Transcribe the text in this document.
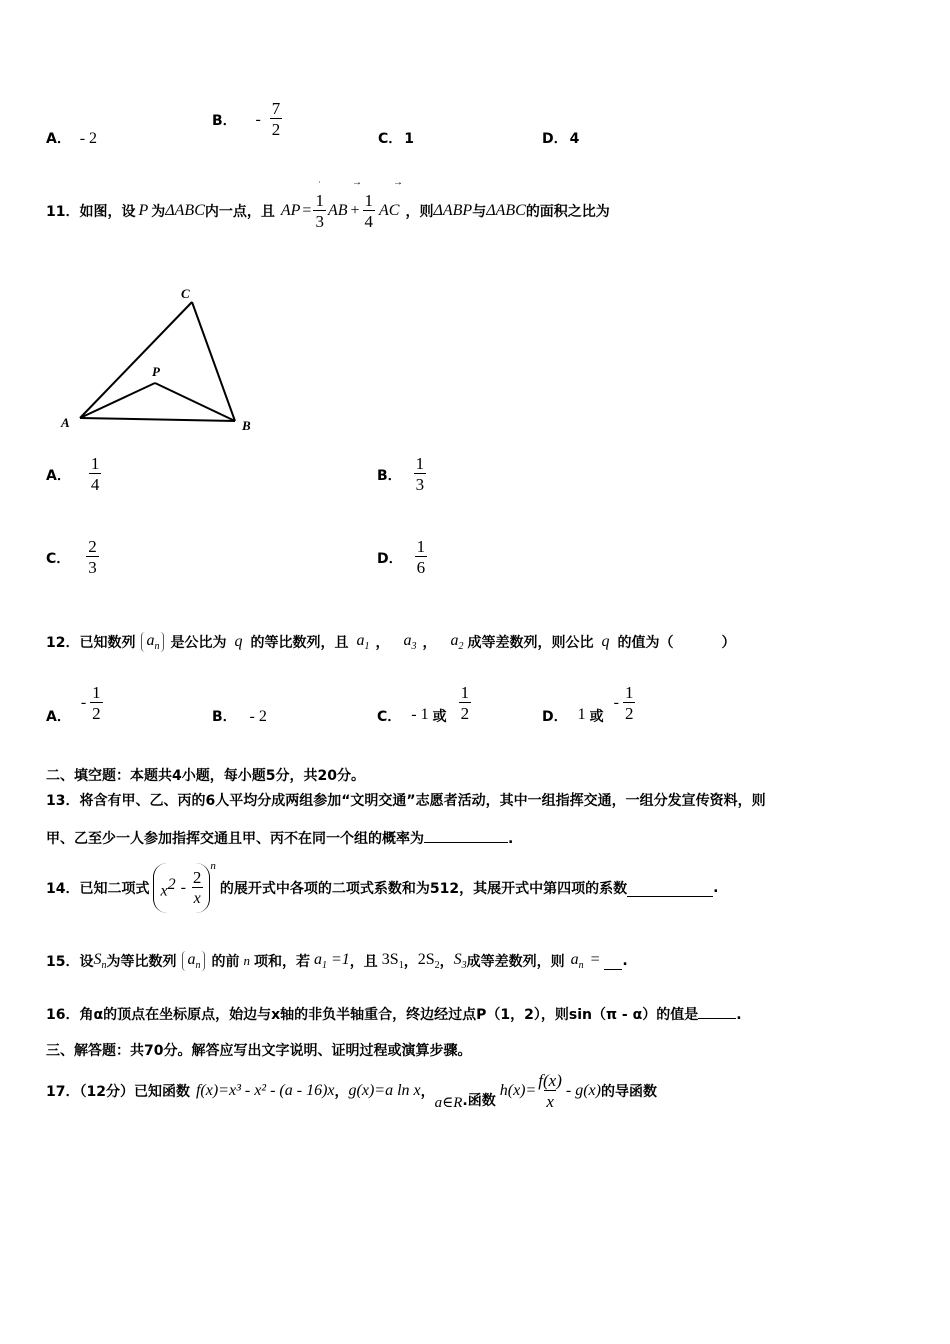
A． - 2
B． - $\frac{7}{2}$	C． 1	D． 4
11．如图，设 P 为 ΔABC 内一点，且 AP = $\frac{1}{3}$ AB + $\frac{1}{4}$ AC ，则 ΔABP 与 ΔABC 的面积之比为
˙	→	→
C
P
A	B
A． $\frac{1}{4}$	B． $\frac{1}{3}$
C． $\frac{2}{3}$	D． $\frac{1}{6}$
12．已知数列 $a_n$ 是公比为 q 的等比数列，且 $a_1$ ， $a_3$ ， $a_2$ 成等差数列，则公比 q 的值为（	）
A．
- $\frac{1}{2}$	B． - 2	C． - 1 或 $\frac{1}{2}$	D． 1 或
- $\frac{1}{2}$
二、填空题：本题共4小题，每小题5分，共20分。
13．将含有甲、乙、丙的6人平均分成两组参加“文明交通”志愿者活动，其中一组指挥交通，一组分发宣传资料，则
甲、乙至少一人参加指挥交通且甲、丙不在同一个组的概率为	.
14．已知二项式 $x^2 - \frac{2}{x}$
$^n$
的展开式中各项的二项式系数和为512，其展开式中第四项的系数	.
15．设 $S_n$ 为等比数列 $a_n$ 的前 n 项和，若 $a_1 =1$ ，且 $3S_1$ ， $2S_2$ ， $S_3$ 成等差数列，则 $a_n$ = .
16．角α的顶点在坐标原点，始边与x轴的非负半轴重合，终边经过点P（1，2），则sin（π - α）的值是	.
三、解答题：共70分。解答应写出文字说明、证明过程或演算步骤。
17．（12分）已知函数 f(x)=x³ - x² - (a - 16)x ， g(x)=a ln x ，
a∈R .函数
$h(x)= \frac{f(x)}{x} - g(x)$ 的导函数
